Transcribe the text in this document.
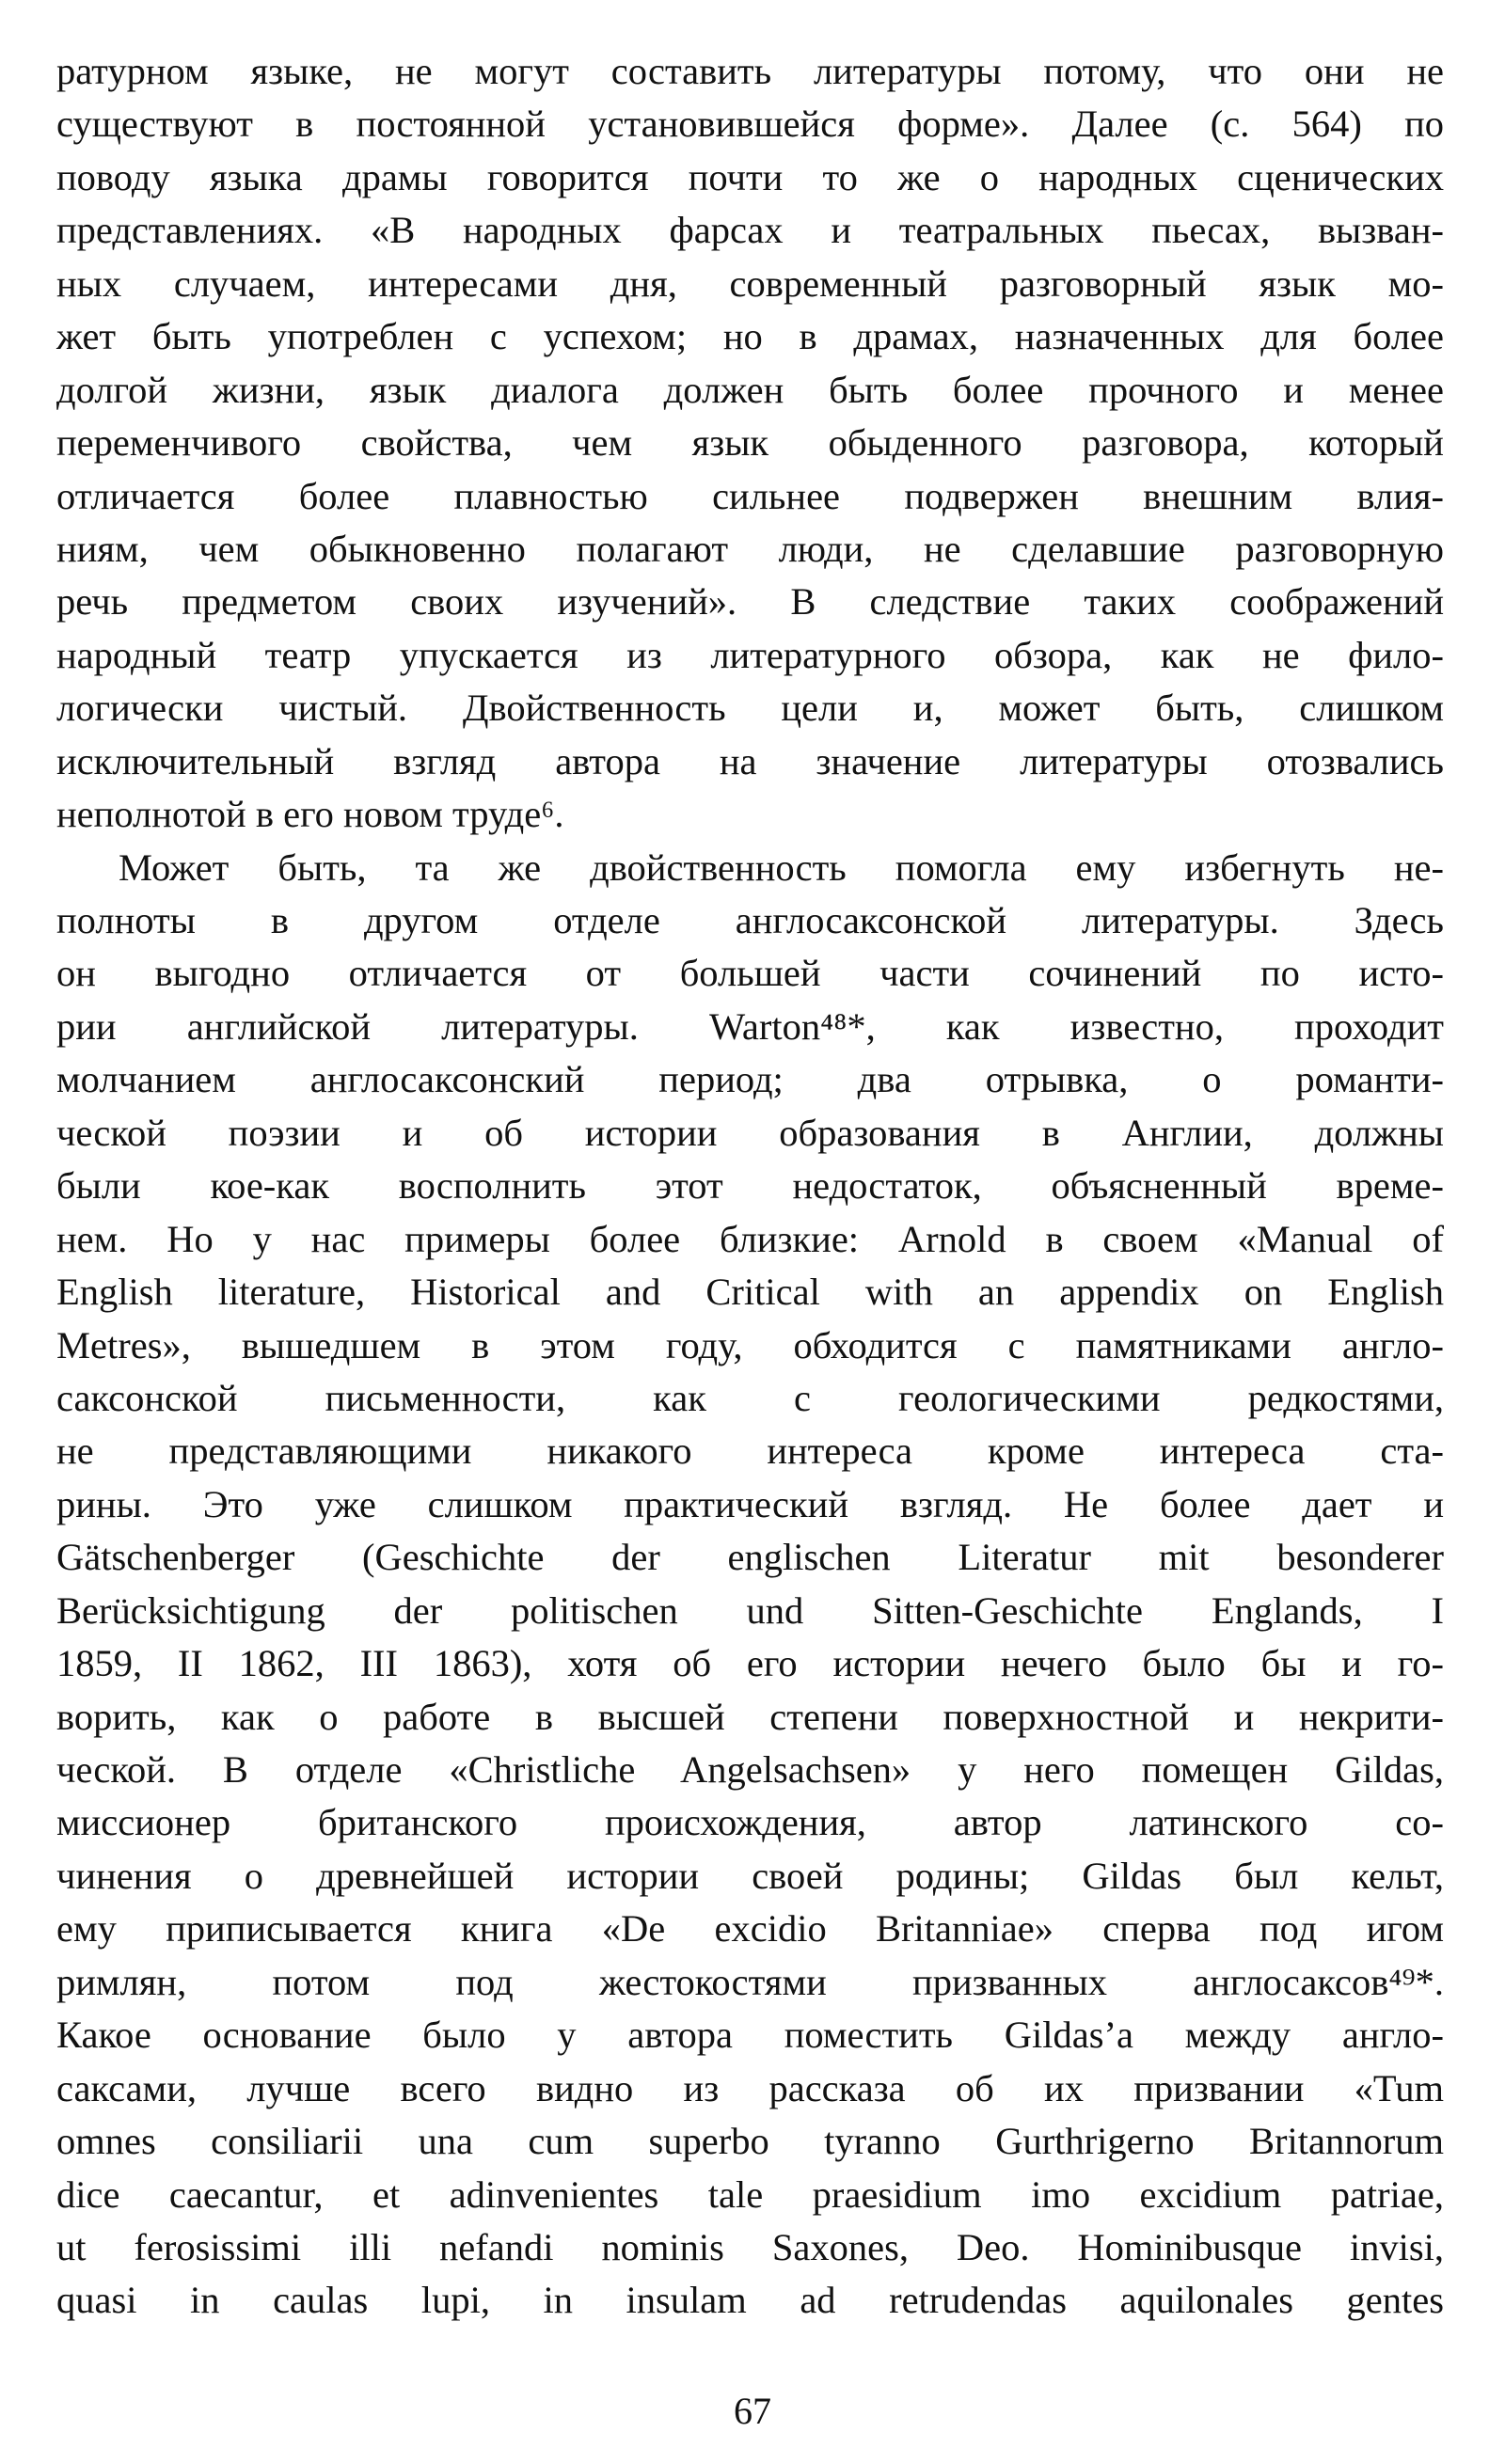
ратурном языке, не могут составить литературы потому, что они не
существуют в постоянной установившейся форме». Далее (с. 564) по
поводу языка драмы говорится почти то же о народных сценических
представлениях. «В народных фарсах и театральных пьесах, вызван-
ных случаем, интересами дня, современный разговорный язык мо-
жет быть употреблен с успехом; но в драмах, назначенных для более
долгой жизни, язык диалога должен быть более прочного и менее
переменчивого свойства, чем язык обыденного разговора, который
отличается более плавностью сильнее подвержен внешним влия-
ниям, чем обыкновенно полагают люди, не сделавшие разговорную
речь предметом своих изучений». В следствие таких соображений
народный театр упускается из литературного обзора, как не фило-
логически чистый. Двойственность цели и, может быть, слишком
исключительный взгляд автора на значение литературы отозвались
неполнотой в его новом труде⁶.
Может быть, та же двойственность помогла ему избегнуть не-
полноты в другом отделе англосаксонской литературы. Здесь
он выгодно отличается от большей части сочинений по исто-
рии английской литературы. Warton⁴⁸*, как известно, проходит
молчанием англосаксонский период; два отрывка, о романти-
ческой поэзии и об истории образования в Англии, должны
были кое-как восполнить этот недостаток, объясненный време-
нем. Но у нас примеры более близкие: Arnold в своем «Manual of
English literature, Historical and Critical with an appendix on English
Metres», вышедшем в этом году, обходится с памятниками англо-
саксонской письменности, как с геологическими редкостями,
не представляющими никакого интереса кроме интереса ста-
рины. Это уже слишком практический взгляд. Не более дает и
Gätschenberger (Geschichte der englischen Literatur mit besonderer
Berücksichtigung der politischen und Sitten-Geschichte Englands, I
1859, II 1862, III 1863), хотя об его истории нечего было бы и го-
ворить, как о работе в высшей степени поверхностной и некрити-
ческой. В отделе «Christliche Angelsachsen» у него помещен Gildas,
миссионер британского происхождения, автор латинского со-
чинения о древнейшей истории своей родины; Gildas был кельт,
ему приписывается книга «De excidio Britanniae» сперва под игом
римлян, потом под жестокостями призванных англосаксов⁴⁹*.
Какое основание было у автора поместить Gildas’а между англо-
саксами, лучше всего видно из рассказа об их призвании «Tum
omnes consiliarii una cum superbo tyranno Gurthrigerno Britannorum
dice caecantur, et adinvenientes tale praesidium imo excidium patriae,
ut ferosissimi illi nefandi nominis Saxones, Deo. Hominibusque invisi,
quasi in caulas lupi, in insulam ad retrudendas aquilonales gentes
67
